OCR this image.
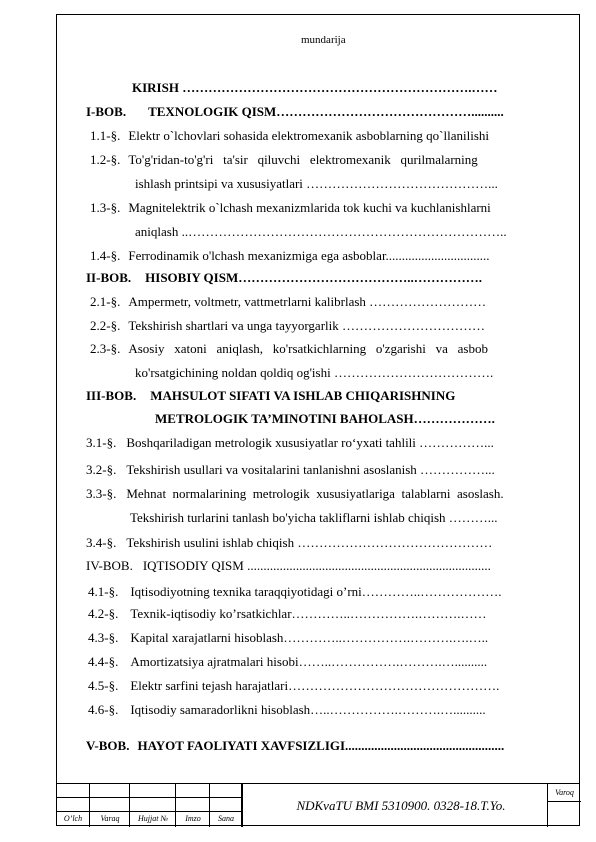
mundarija
KIRISH ………………………………………………………….……
I-BOB. TEXNOLOGIK QISM………………………………………..........
1.1-§. Elektr o`lchovlari sohasida elektromexanik asboblarning qo`llanilishi
1.2-§. To'g'ridan-to'g'ri   ta'sir   qiluvchi   elektromexanik   qurilmalarning
ishlash printsipi va xususiyatlari ……………………………………...
1.3-§. Magnitelektrik o`lchash mexanizmlarida tok kuchi va kuchlanishlarni
aniqlash ..………………………………………………………………..
1.4-§. Ferrodinamik o'lchash mexanizmiga ega asboblar................................
II-BOB. HISOBIY QISM…………………………………..…………….
2.1-§. Ampermetr, voltmetr, vattmetrlarni kalibrlash ………………………
2.2-§. Tekshirish shartlari va unga tayyorgarlik ……………………………
2.3-§. Asosiy   xatoni   aniqlash,   ko'rsatkichlarning   o'zgarishi   va   asbob
ko'rsatgichining noldan qoldiq og'ishi ……………………………….
III-BOB. MAHSULOT SIFATI VA ISHLAB CHIQARISHNING
METROLOGIK TA’MINOTINI BAHOLASH……………….
3.1-§. Boshqariladigan metrologik xususiyatlar ro‘yxati tahlili ……………...
3.2-§. Tekshirish usullari va vositalarini tanlanishni asoslanish ……………...
3.3-§. Mehnat  normalarining  metrologik  xususiyatlariga  talablarni  asoslash.
Tekshirish turlarini tanlash bo'yicha takliflarni ishlab chiqish ………...
3.4-§. Tekshirish usulini ishlab chiqish ………………………………………
IV-BOB. IQTISODIY QISM ...........................................................................
4.1-§. Iqtisodiyotning texnika taraqqiyotidagi o’rni…………..……………….
4.2-§. Texnik-iqtisodiy ko’rsatkichlar…………..…………….……….……
4.3-§. Kapital xarajatlarni hisoblash…………..…………….……….….…..
4.4-§. Amortizatsiya ajratmalari hisobi……..…………….……….…..........
4.5-§. Elektr sarfini tejash harajatlari………………………………………….
4.6-§. Iqtisodiy samaradorlikni hisoblash…..…………….……….…..........
V-BOB. HAYOT FAOLIYATI XAVFSIZLIGI.................................................
O’lch	Varaq	Hujjat №	Imzo	Sana
NDKvaTU BMI 5310900. 0328-18.T.Yo.
Varoq
